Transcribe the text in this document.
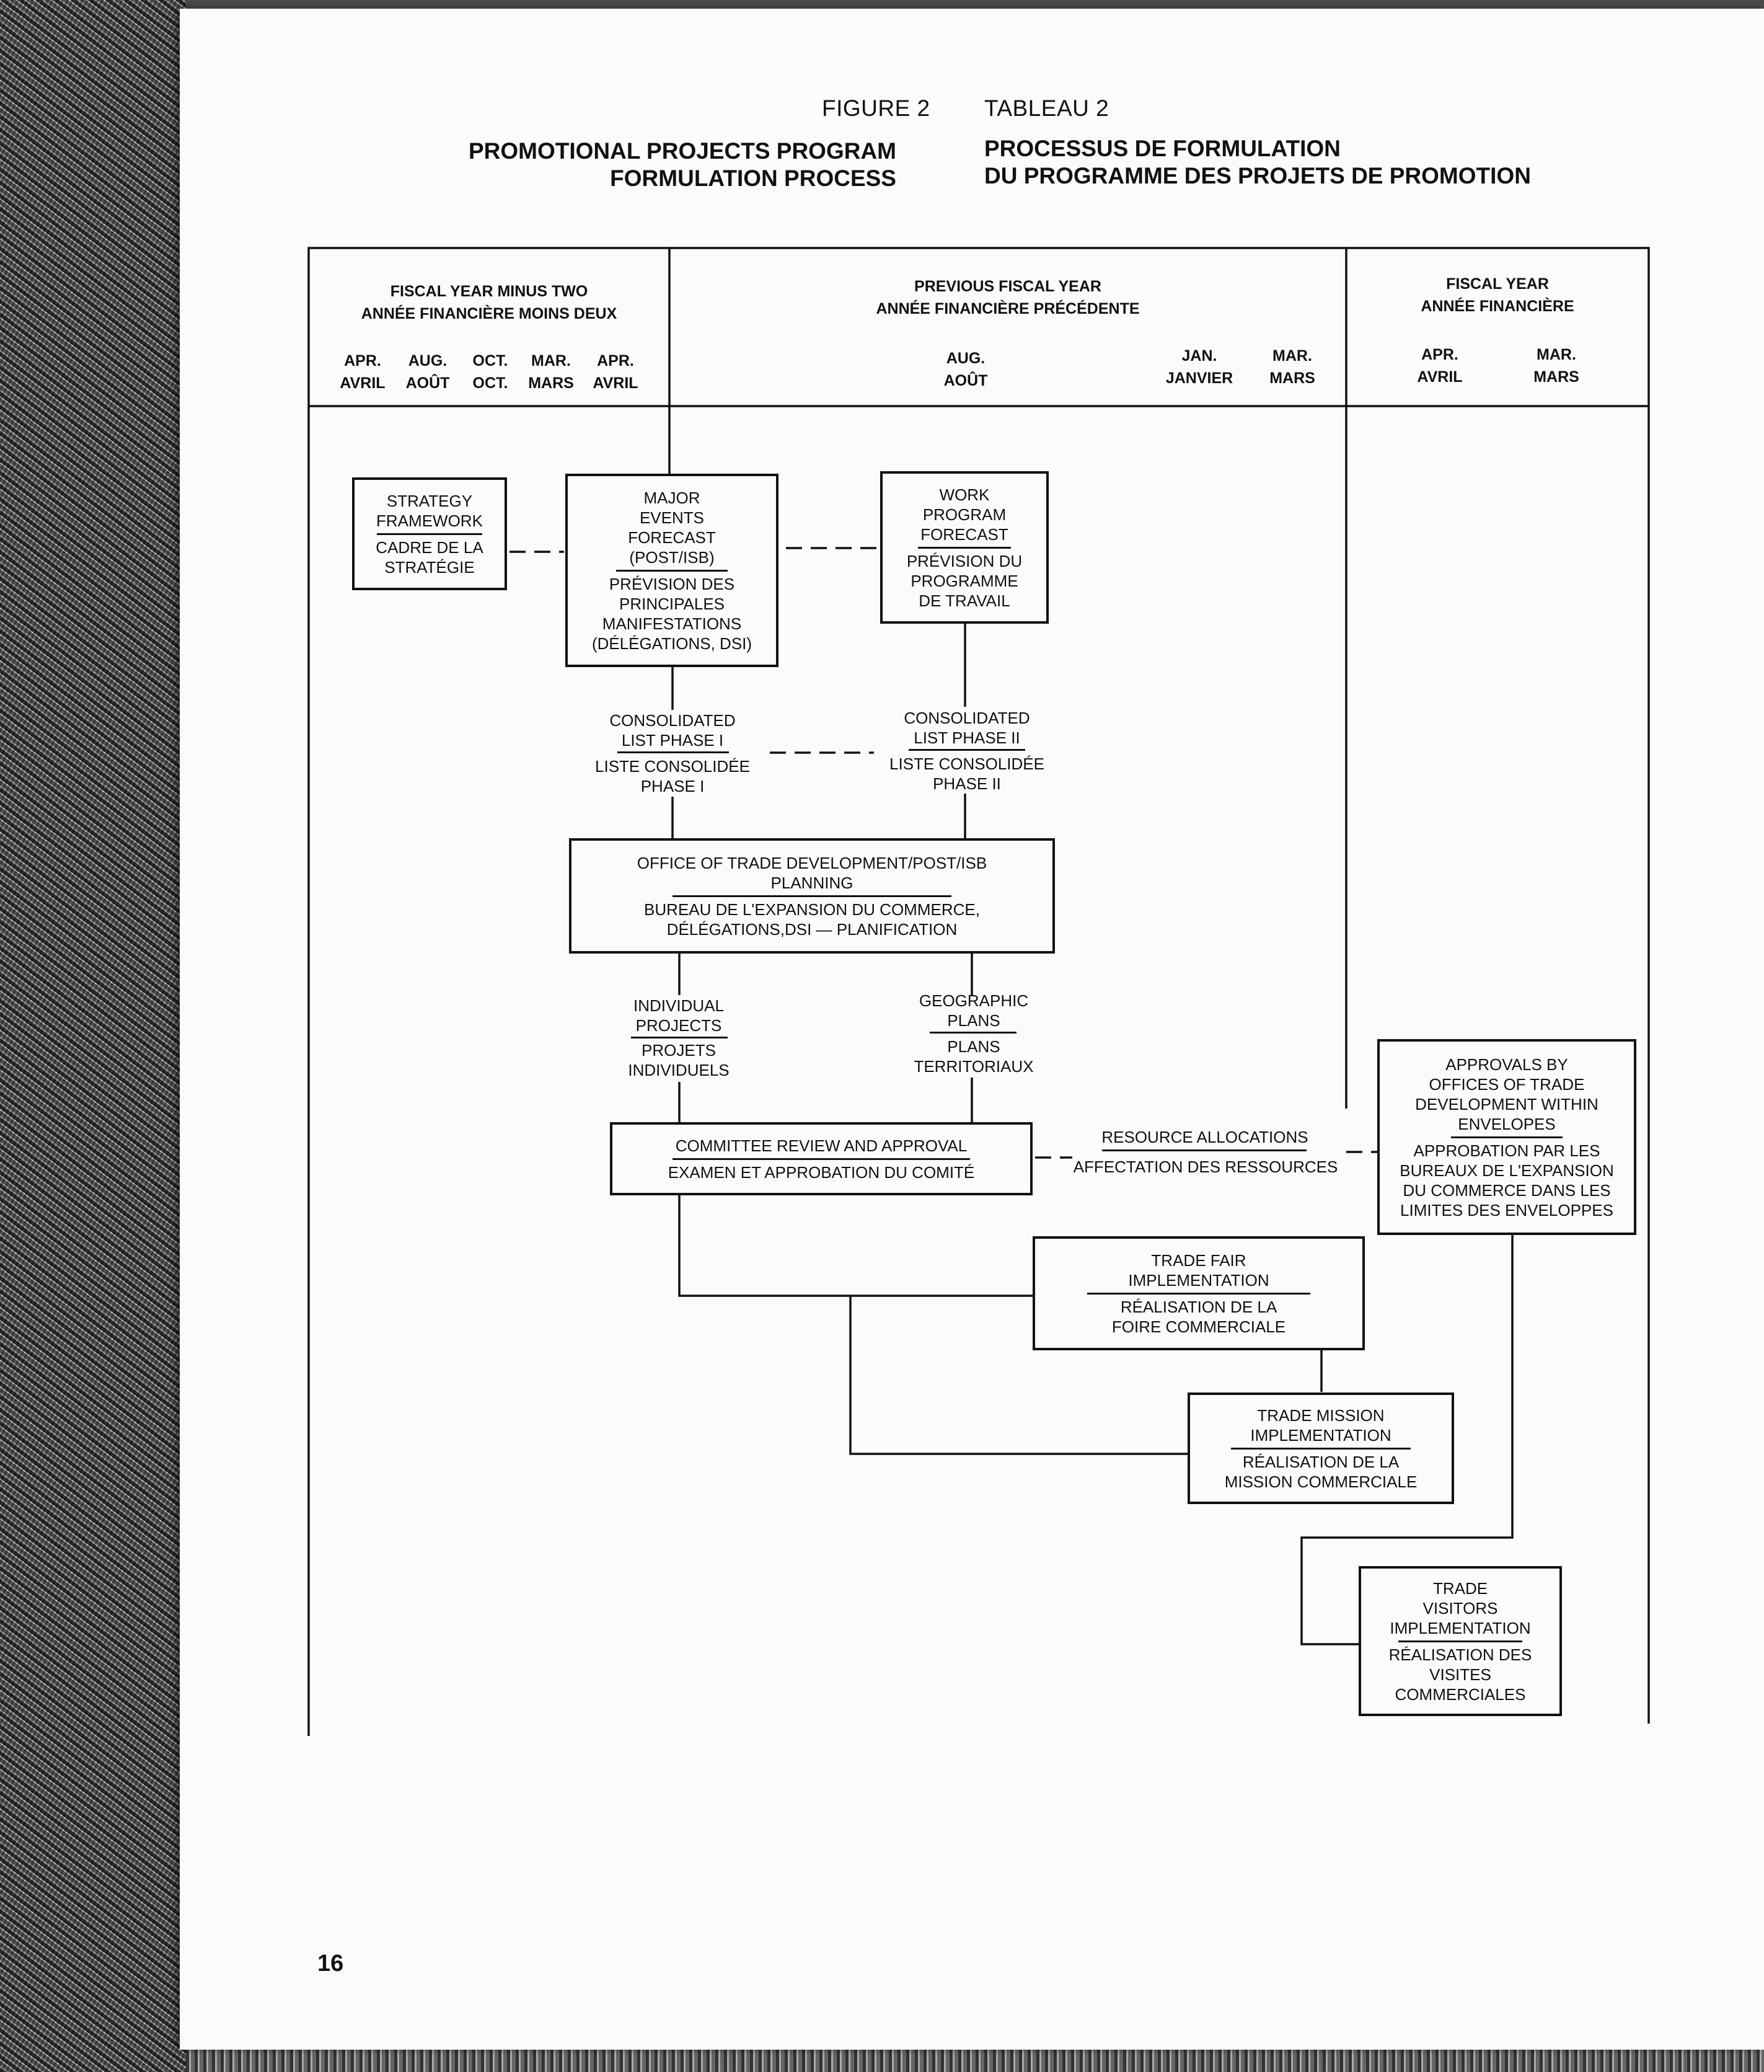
FIGURE 2 TABLEAU 2
PROMOTIONAL PROJECTS PROGRAM
FORMULATION PROCESS
PROCESSUS DE FORMULATION
DU PROGRAMME DES PROJETS DE PROMOTION
FISCAL YEAR MINUS TWO
ANNÉE FINANCIÈRE MOINS DEUX
PREVIOUS FISCAL YEAR
ANNÉE FINANCIÈRE PRÉCÉDENTE
FISCAL YEAR
ANNÉE FINANCIÈRE
APR.
AVRIL
AUG.
AOÛT
OCT.
OCT.
MAR.
MARS
APR.
AVRIL
AUG.
AOÛT
JAN.
JANVIER
MAR.
MARS
APR.
AVRIL
MAR.
MARS
STRATEGY
FRAMEWORK
CADRE DE LA
STRATÉGIE
MAJOR
EVENTS
FORECAST
(POST/ISB)
PRÉVISION DES
PRINCIPALES
MANIFESTATIONS
(DÉLÉGATIONS, DSI)
WORK
PROGRAM
FORECAST
PRÉVISION DU
PROGRAMME
DE TRAVAIL
OFFICE OF TRADE DEVELOPMENT/POST/ISB
PLANNING
BUREAU DE L'EXPANSION DU COMMERCE,
DÉLÉGATIONS,DSI — PLANIFICATION
COMMITTEE REVIEW AND APPROVAL
EXAMEN ET APPROBATION DU COMITÉ
APPROVALS BY
OFFICES OF TRADE
DEVELOPMENT WITHIN
ENVELOPES
APPROBATION PAR LES
BUREAUX DE L'EXPANSION
DU COMMERCE DANS LES
LIMITES DES ENVELOPPES
TRADE FAIR
IMPLEMENTATION
RÉALISATION DE LA
FOIRE COMMERCIALE
TRADE MISSION
IMPLEMENTATION
RÉALISATION DE LA
MISSION COMMERCIALE
TRADE
VISITORS
IMPLEMENTATION
RÉALISATION DES
VISITES
COMMERCIALES
CONSOLIDATED
LIST PHASE I
LISTE CONSOLIDÉE
PHASE I
CONSOLIDATED
LIST PHASE II
LISTE CONSOLIDÉE
PHASE II
INDIVIDUAL
PROJECTS
PROJETS
INDIVIDUELS
GEOGRAPHIC
PLANS
PLANS
TERRITORIAUX
RESOURCE ALLOCATIONS
AFFECTATION DES RESSOURCES
16
